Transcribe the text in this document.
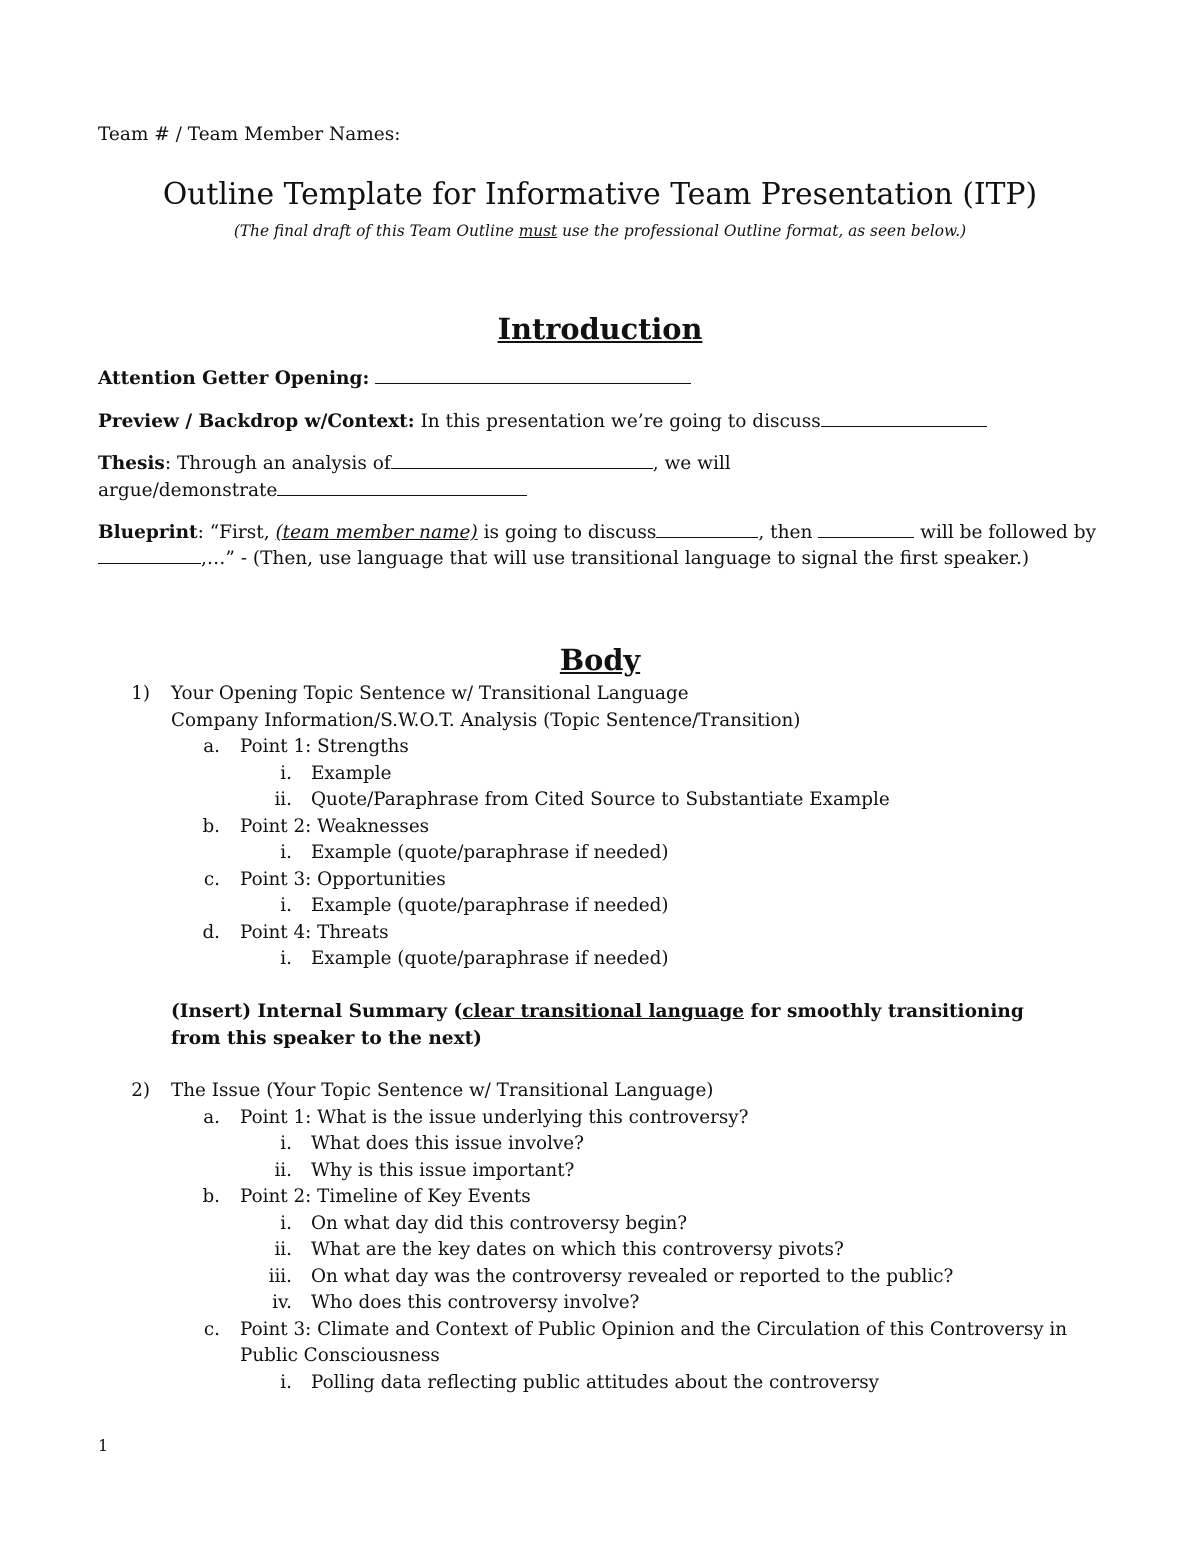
Team # / Team Member Names:
Outline Template for Informative Team Presentation (ITP)
(The final draft of this Team Outline must use the professional Outline format, as seen below.)
Introduction
Attention Getter Opening:
Preview / Backdrop w/Context: In this presentation we’re going to discuss
Thesis: Through an analysis of	, we will
argue/demonstrate
Blueprint: “First, (team member name) is going to discuss	, then	will be followed by
,…” - (Then, use language that will use transitional language to signal the first speaker.)
Body
1) Your Opening Topic Sentence w/ Transitional Language
Company Information/S.W.O.T. Analysis (Topic Sentence/Transition)
a. Point 1: Strengths
i. Example
ii. Quote/Paraphrase from Cited Source to Substantiate Example
b. Point 2: Weaknesses
i. Example (quote/paraphrase if needed)
c. Point 3: Opportunities
i. Example (quote/paraphrase if needed)
d. Point 4: Threats
i. Example (quote/paraphrase if needed)
(Insert) Internal Summary (clear transitional language for smoothly transitioning
from this speaker to the next)
2) The Issue (Your Topic Sentence w/ Transitional Language)
a. Point 1: What is the issue underlying this controversy?
i. What does this issue involve?
ii. Why is this issue important?
b. Point 2: Timeline of Key Events
i. On what day did this controversy begin?
ii. What are the key dates on which this controversy pivots?
iii. On what day was the controversy revealed or reported to the public?
iv. Who does this controversy involve?
c. Point 3: Climate and Context of Public Opinion and the Circulation of this Controversy in
Public Consciousness
i. Polling data reflecting public attitudes about the controversy
1
